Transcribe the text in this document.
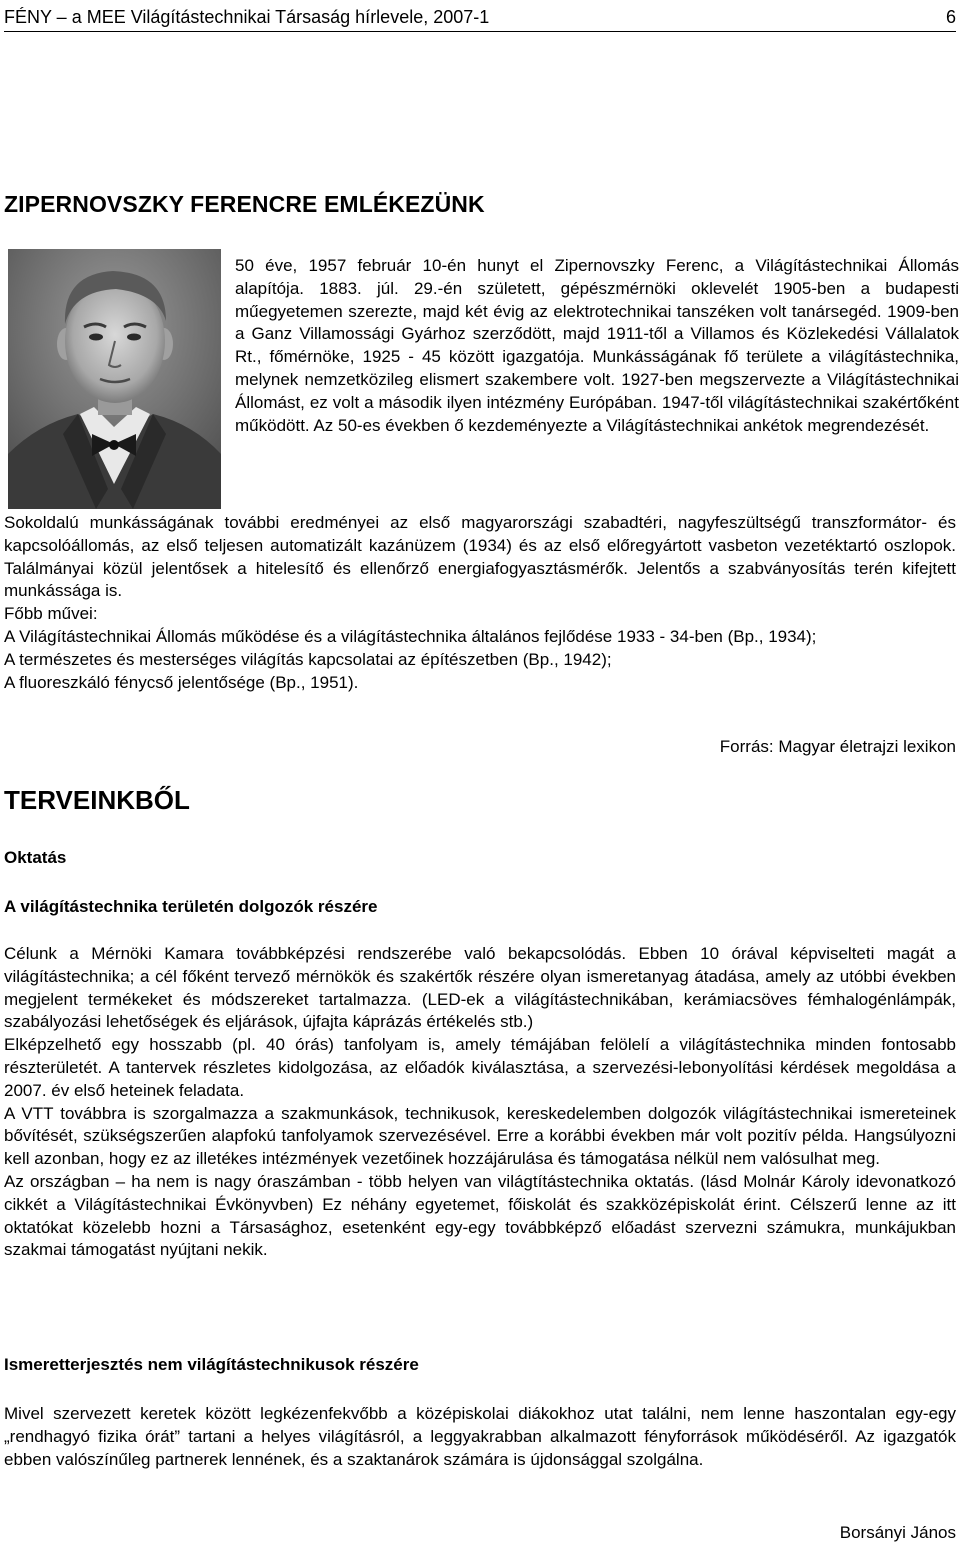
FÉNY – a MEE Világítástechnikai Társaság hírlevele, 2007-1	6
ZIPERNOVSZKY FERENCRE EMLÉKEZÜNK

50 éve, 1957 február 10-én hunyt el Zipernovszky Ferenc, a Világítástechnikai Állomás alapítója. 1883. júl. 29.-én született, gépészmérnöki oklevelét 1905-ben a budapesti műegyetemen szerezte, majd két évig az elektrotechnikai tanszéken volt tanársegéd. 1909-ben a Ganz Villamossági Gyárhoz szerződött, majd 1911-től a Villamos és Közlekedési Vállalatok Rt., főmérnöke, 1925 - 45 között igazgatója. Munkásságának fő területe a világítástechnika, melynek nemzetközileg elismert szakembere volt. 1927-ben megszervezte a Világítástechnikai Állomást, ez volt a második ilyen intézmény Európában. 1947-től világítástechnikai szakértőként működött. Az 50-es években ő kezdeményezte a Világítástechnikai ankétok megrendezését.

Sokoldalú munkásságának további eredményei az első magyarországi szabadtéri, nagyfeszültségű transzformátor- és kapcsolóállomás, az első teljesen automatizált kazánüzem (1934) és az első előregyártott vasbeton vezetéktartó oszlopok. Találmányai közül jelentősek a hitelesítő és ellenőrző energiafogyasztásmérők. Jelentős a szabványosítás terén kifejtett munkássága is.

Főbb művei:

A Világítástechnikai Állomás működése és a világítástechnika általános fejlődése 1933 - 34-ben (Bp., 1934);

A természetes és mesterséges világítás kapcsolatai az építészetben (Bp., 1942);

A fluoreszkáló fénycső jelentősége (Bp., 1951).

Forrás: Magyar életrajzi lexikon
TERVEINKBŐL
Oktatás
A világítástechnika területén dolgozók részére

Célunk a Mérnöki Kamara továbbképzési rendszerébe való bekapcsolódás. Ebben 10 órával képviselteti magát a világítástechnika; a cél főként tervező mérnökök és szakértők részére olyan ismeretanyag átadása, amely az utóbbi években megjelent termékeket és módszereket tartalmazza. (LED-ek a világítástechnikában, kerámiacsöves fémhalogénlámpák, szabályozási lehetőségek és eljárások, újfajta káprázás értékelés stb.)

Elképzelhető egy hosszabb (pl. 40 órás) tanfolyam is, amely témájában felölelí a világítástechnika minden fontosabb részterületét. A tantervek részletes kidolgozása, az előadók kiválasztása, a szervezési-lebonyolítási kérdések megoldása a 2007. év első heteinek feladata.

A VTT továbbra is szorgalmazza a szakmunkások, technikusok, kereskedelemben dolgozók világítástechnikai ismereteinek bővítését, szükségszerűen alapfokú tanfolyamok szervezésével. Erre a korábbi években már volt pozitív példa. Hangsúlyozni kell azonban, hogy ez az illetékes intézmények vezetőinek hozzájárulása és támogatása nélkül nem valósulhat meg.

Az országban – ha nem is nagy óraszámban - több helyen van világtítástechnika oktatás. (lásd Molnár Károly idevonatkozó cikkét a Világítástechnikai Évkönyvben) Ez néhány egyetemet, főiskolát és szakközépiskolát érint. Célszerű lenne az itt oktatókat közelebb hozni a Társasághoz, esetenként egy-egy továbbképző előadást szervezni számukra, munkájukban szakmai támogatást nyújtani nekik.

Ismeretterjesztés nem világítástechnikusok részére

Mivel szervezett keretek között legkézenfekvőbb a középiskolai diákokhoz utat találni, nem lenne haszontalan egy-egy „rendhagyó fizika órát” tartani a helyes világításról, a leggyakrabban alkalmazott fényforrások működéséről. Az igazgatók ebben valószínűleg partnerek lennének, és a szaktanárok számára is újdonsággal szolgálna.

Borsányi János
